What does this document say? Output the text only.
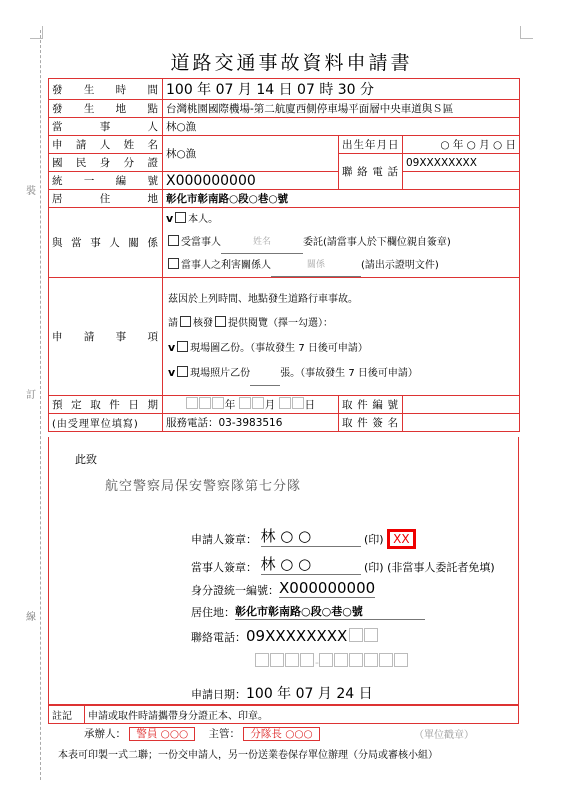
裝
訂
線
道路交通事故資料申請書
發生時間	100 年 07 月 14 日 07 時 30 分		
發生地點	台灣桃園國際機場-第二航廈西側停車場平面層中央車道與Ｓ區		
當事人	林○漁		
申請人姓名	林○漁	出生年月日	○ 年 ○ 月 ○ 日
國民身分證		聯絡電話	09XXXXXXXX
統一編號	X000000000		
居住地	彰化市彰南路○段○巷○號		
與當事人關係	v 本人。
受當事人 姓名 委託(請當事人於下欄位親自簽章)
當事人之利害關係人 關係 (請出示證明文件)		

申請事項	茲因於上列時間、地點發生道路行車事故。
請 核發 提供閱覽（擇一勾選）：
v 現場圖乙份。（事故發生 7 日後可申請）
v 現場照片乙份 張。（事故發生 7 日後可申請）		

預定取件日期	年 月 日	取件編號	
(由受理單位填寫)	服務電話：03-3983516	取件簽名	
此致
航空警察局保安警察隊第七分隊
申請人簽章： 林 ○ ○	(印) XX
當事人簽章： 林 ○ ○	(印) (非當事人委託者免填)
身分證統一編號：X000000000
居住地：彰化市彰南路○段○巷○號
聯絡電話：09XXXXXXXX
-
申請日期：100 年 07 月 24 日
註記	申請或取件時請攜帶身分證正本、印章。
承辦人： 警員 ○○○ 主管： 分隊長 ○○○	（單位戳章）
本表可印製一式二聯；一份交申請人，另一份送業卷保存單位辦理（分局或審核小組）
